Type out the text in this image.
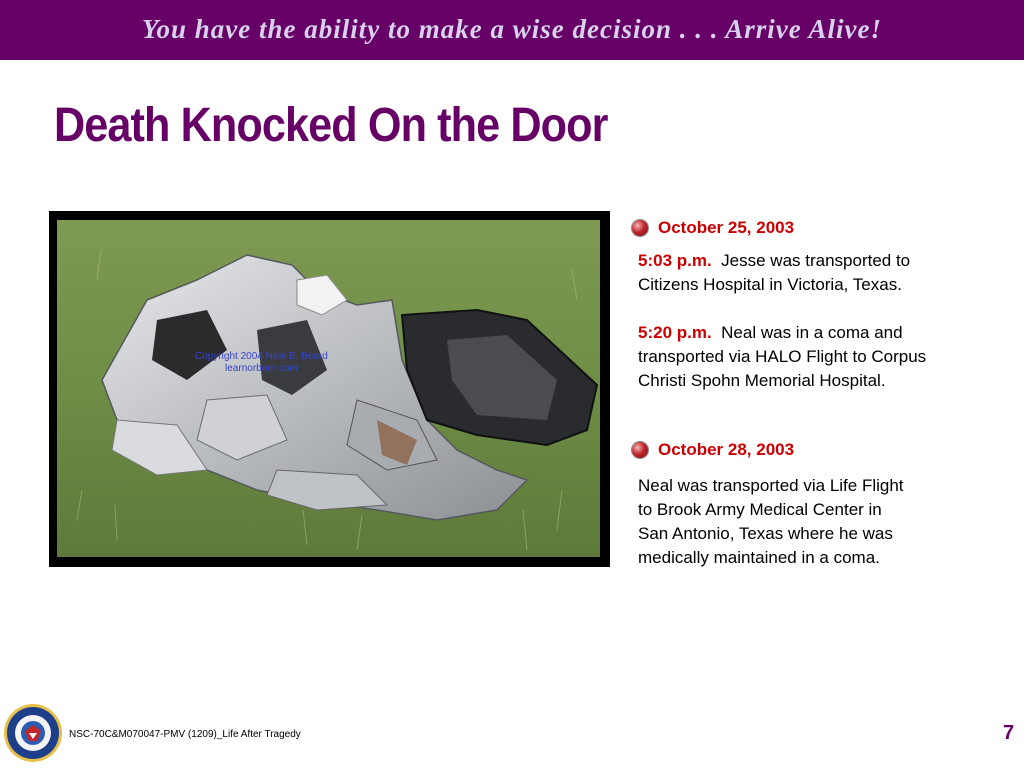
You have the ability to make a wise decision . . . Arrive Alive!
Death Knocked On the Door
Copyright 2004 Neal E. Beard
learnorburn.com
October 25, 2003
5:03 p.m. Jesse was transported to
Citizens Hospital in Victoria, Texas.
5:20 p.m. Neal was in a coma and
transported via HALO Flight to Corpus
Christi Spohn Memorial Hospital.
October 28, 2003
Neal was transported via Life Flight
to Brook Army Medical Center in
San Antonio, Texas where he was
medically maintained in a coma.
NSC-70C&M070047-PMV (1209)_Life After Tragedy	7
